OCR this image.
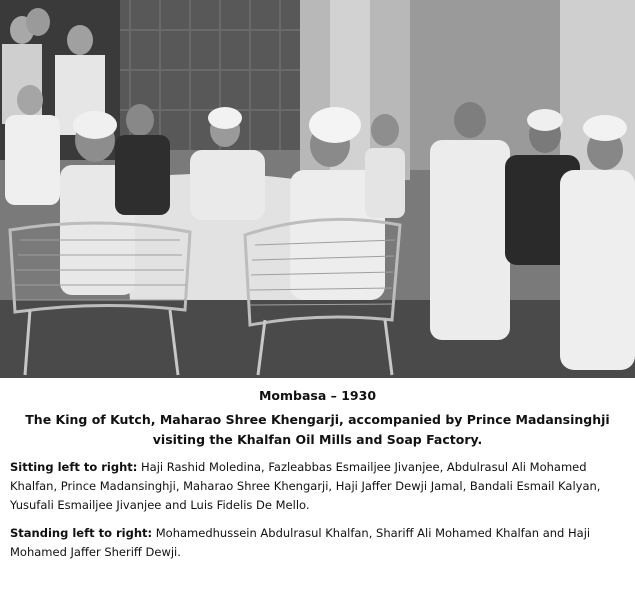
Mombasa – 1930

The King of Kutch, Maharao Shree Khengarji, accompanied by Prince Madansinghji visiting the Khalfan Oil Mills and Soap Factory.

Sitting left to right: Haji Rashid Moledina, Fazleabbas Esmailjee Jivanjee, Abdulrasul Ali Mohamed Khalfan, Prince Madansinghji, Maharao Shree Khengarji, Haji Jaffer Dewji Jamal, Bandali Esmail Kalyan, Yusufali Esmailjee Jivanjee and Luis Fidelis De Mello.

Standing left to right: Mohamedhussein Abdulrasul Khalfan, Shariff Ali Mohamed Khalfan and Haji Mohamed Jaffer Sheriff Dewji.
